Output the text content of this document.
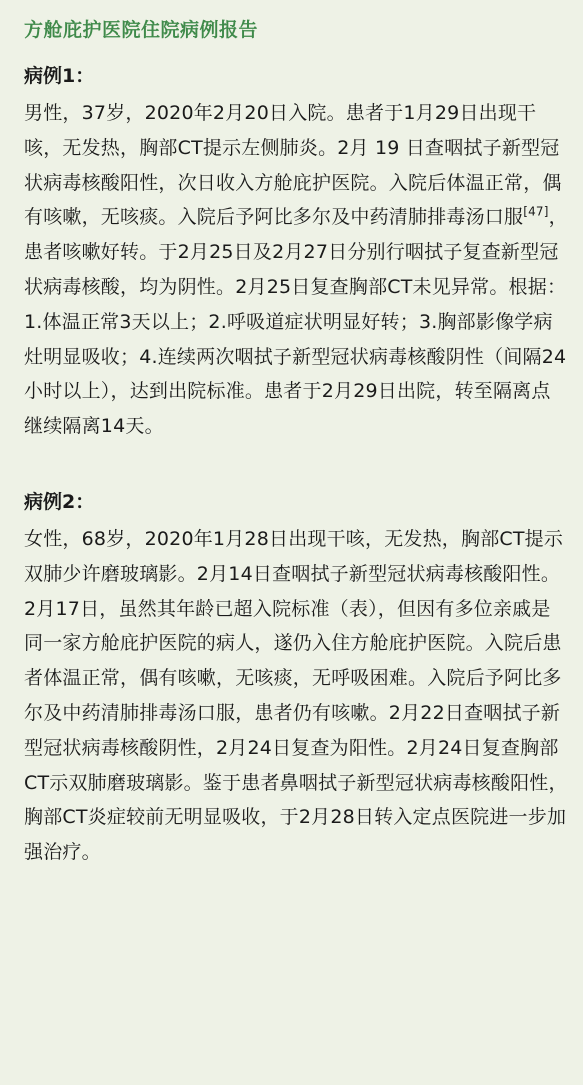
方舱庇护医院住院病例报告
病例1：

男性，37岁，2020年2月20日入院。患者于1月29日出现干咳，无发热，胸部CT提示左侧肺炎。2月 19 日查咽拭子新型冠状病毒核酸阳性，次日收入方舱庇护医院。入院后体温正常，偶有咳嗽，无咳痰。入院后予阿比多尔及中药清肺排毒汤口服[47]，患者咳嗽好转。于2月25日及2月27日分别行咽拭子复查新型冠状病毒核酸，均为阴性。2月25日复查胸部CT未见异常。根据：1.体温正常3天以上；2.呼吸道症状明显好转；3.胸部影像学病灶明显吸收；4.连续两次咽拭子新型冠状病毒核酸阴性（间隔24小时以上），达到出院标准。患者于2月29日出院，转至隔离点继续隔离14天。

病例2：

女性，68岁，2020年1月28日出现干咳，无发热，胸部CT提示双肺少许磨玻璃影。2月14日查咽拭子新型冠状病毒核酸阳性。2月17日，虽然其年龄已超入院标准（表），但因有多位亲戚是同一家方舱庇护医院的病人，遂仍入住方舱庇护医院。入院后患者体温正常，偶有咳嗽，无咳痰，无呼吸困难。入院后予阿比多尔及中药清肺排毒汤口服，患者仍有咳嗽。2月22日查咽拭子新型冠状病毒核酸阴性，2月24日复查为阳性。2月24日复查胸部CT示双肺磨玻璃影。鉴于患者鼻咽拭子新型冠状病毒核酸阳性，胸部CT炎症较前无明显吸收，于2月28日转入定点医院进一步加强治疗。
